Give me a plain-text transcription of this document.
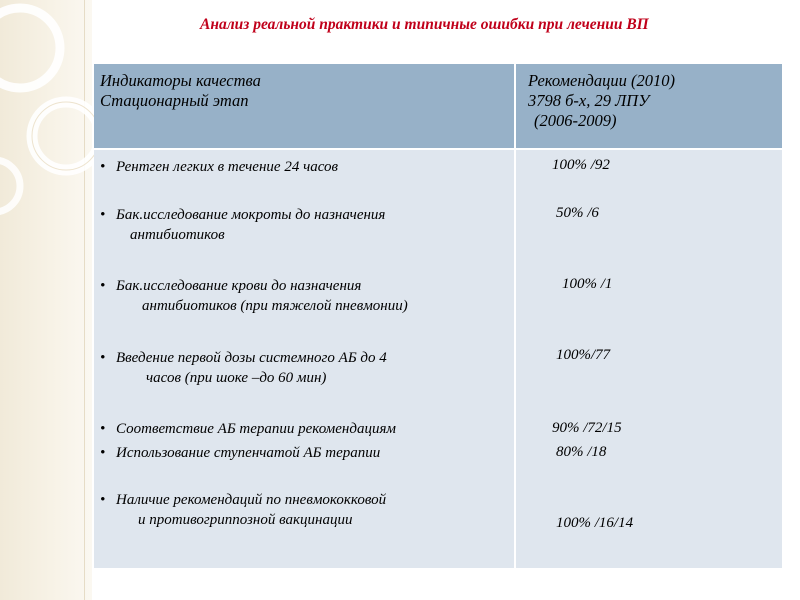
Анализ реальной практики и типичные ошибки при лечении ВП
Индикаторы качества
Стационарный этап
Рекомендации (2010)
3798 б-х, 29 ЛПУ
(2006-2009)
• Рентген легких в течение 24 часов
• Бак.исследование мокроты до назначения
антибиотиков
• Бак.исследование крови до назначения
антибиотиков (при тяжелой пневмонии)
• Введение первой дозы системного АБ до 4
часов (при шоке –до 60 мин)
• Соответствие АБ терапии рекомендациям
• Использование ступенчатой АБ терапии
• Наличие рекомендаций по пневмококковой
и противогриппозной вакцинации
100% /92
50% /6
100% /1
100%/77
90% /72/15
80% /18
100% /16/14
